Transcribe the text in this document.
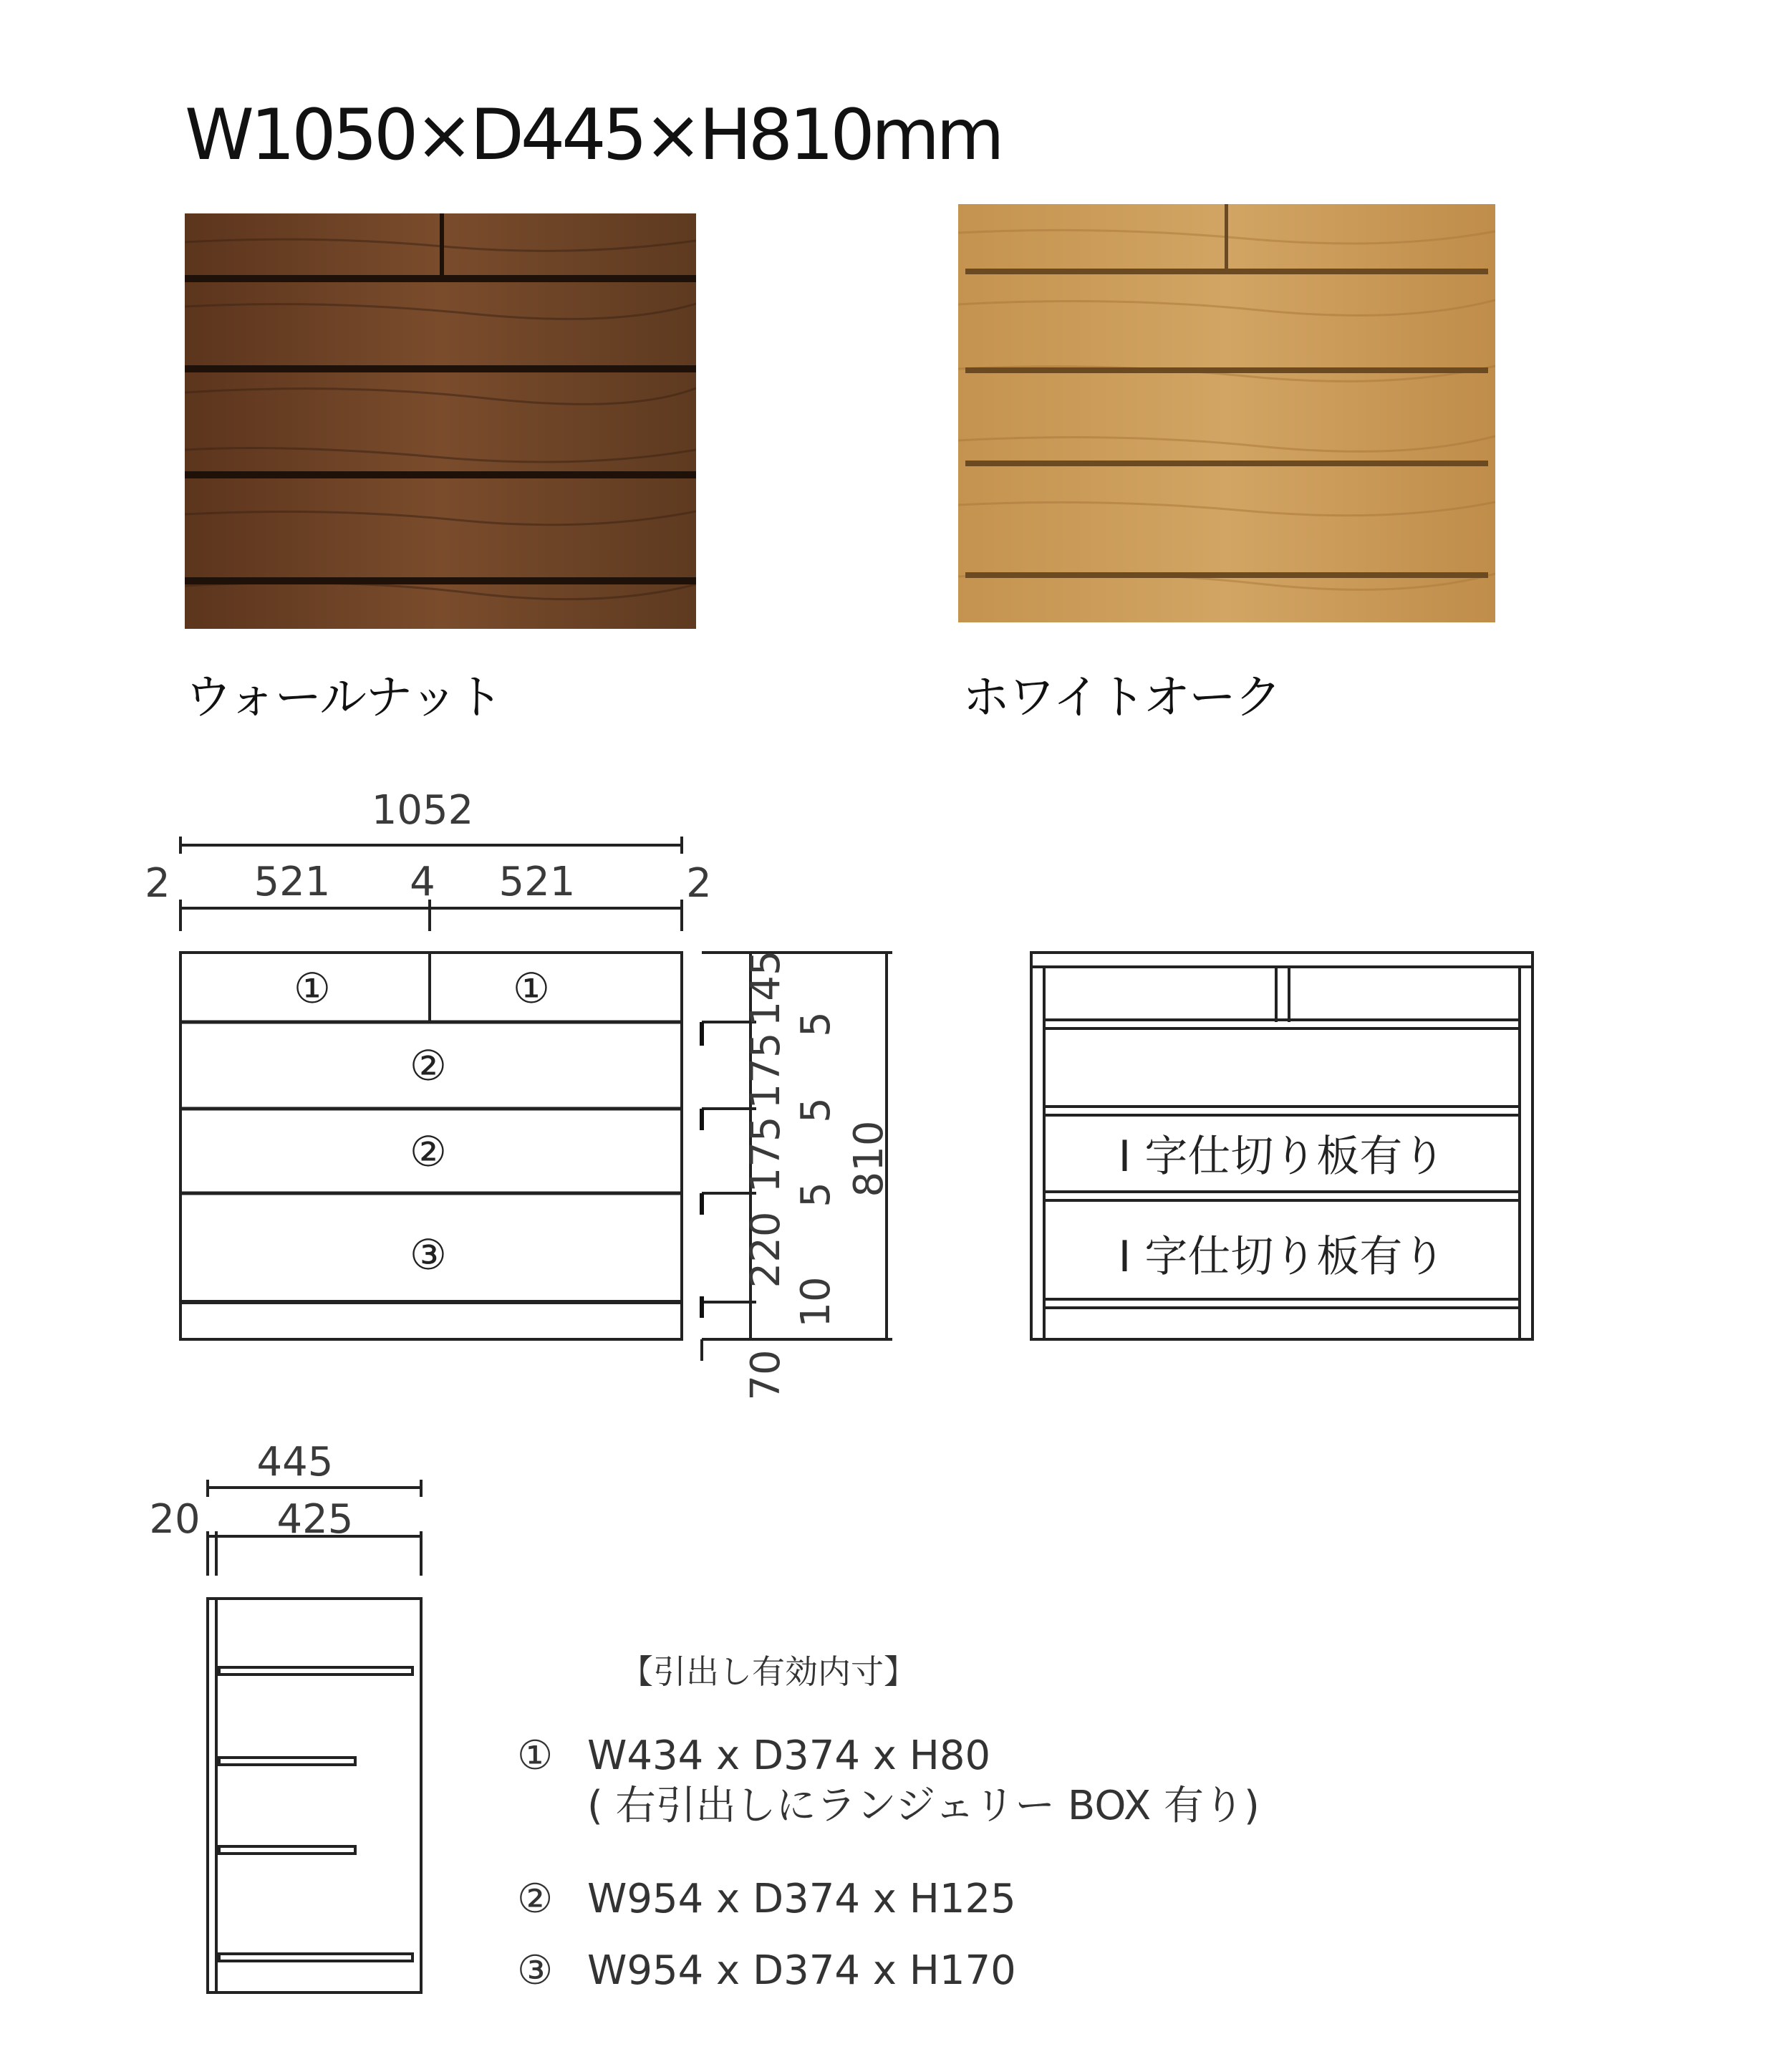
W1050×D445×H810mm
ウォールナット	ホワイトオーク
1052
2 521 4 521	2
①	①
②
②
③
145
175
175
220
5
5
5
10
810
70
I 字仕切り板有り
I 字仕切り板有り
445
20 425
【引出し有効内寸】
① W434 x D374 x H80
( 右引出しにランジェリー BOX 有り)
② W954 x D374 x H125
③ W954 x D374 x H170
